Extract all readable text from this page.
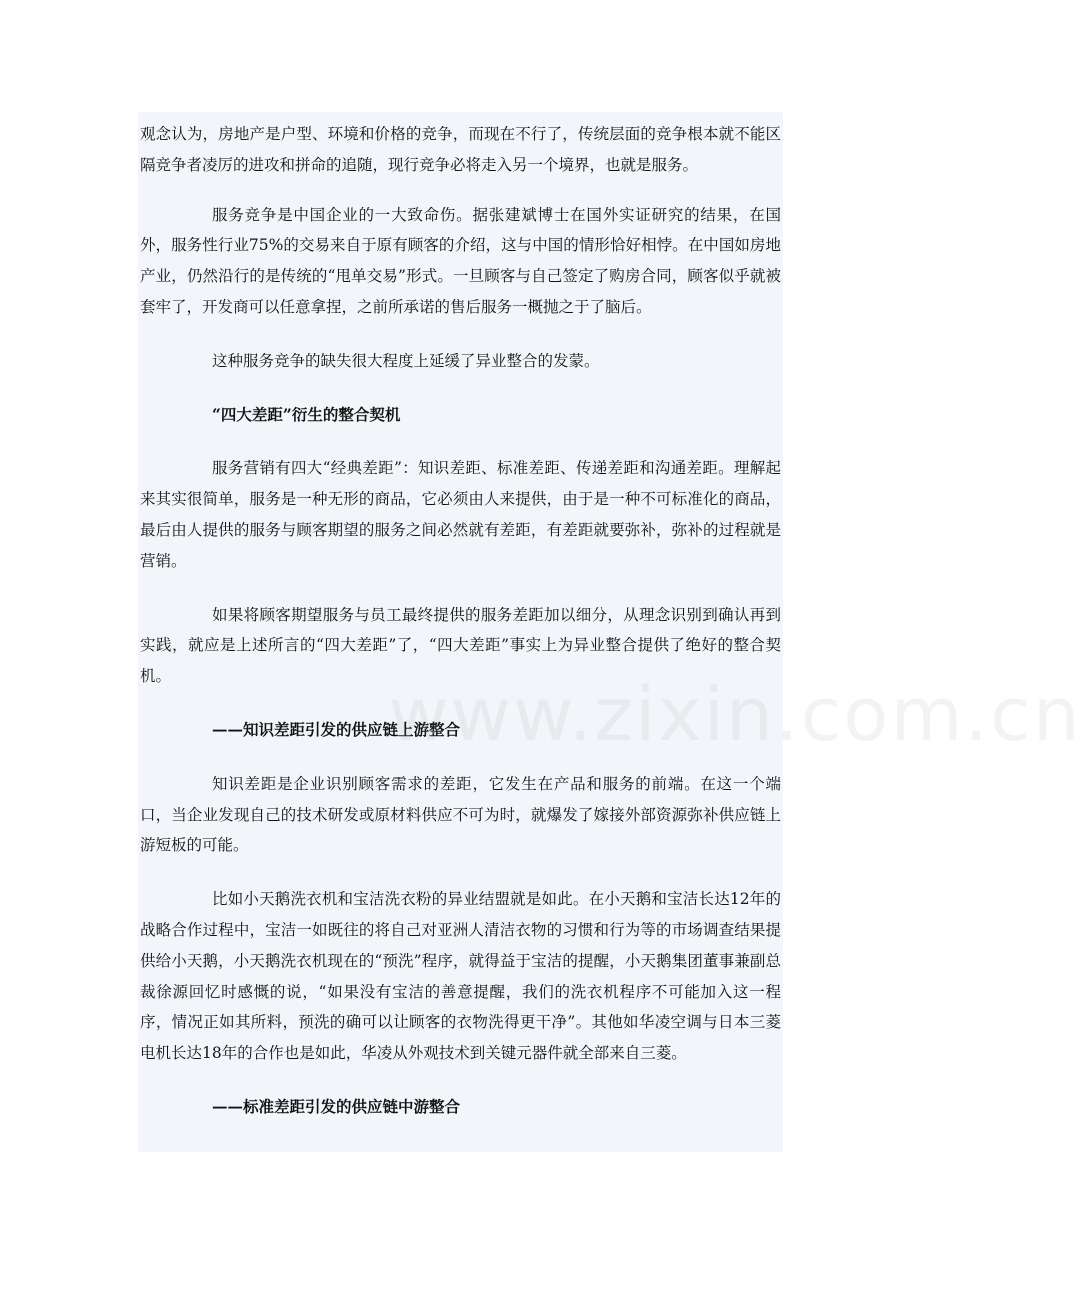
观念认为，房地产是户型、环境和价格的竞争，而现在不行了，传统层面的竞争根本就不能区隔竞争者凌厉的进攻和拼命的追随，现行竞争必将走入另一个境界，也就是服务。

服务竞争是中国企业的一大致命伤。据张建斌博士在国外实证研究的结果，在国外，服务性行业75%的交易来自于原有顾客的介绍，这与中国的情形恰好相悖。在中国如房地产业，仍然沿行的是传统的“甩单交易”形式。一旦顾客与自己签定了购房合同，顾客似乎就被套牢了，开发商可以任意拿捏，之前所承诺的售后服务一概抛之于了脑后。

这种服务竞争的缺失很大程度上延缓了异业整合的发蒙。

“四大差距”衍生的整合契机

服务营销有四大“经典差距”：知识差距、标准差距、传递差距和沟通差距。理解起来其实很简单，服务是一种无形的商品，它必须由人来提供，由于是一种不可标准化的商品，最后由人提供的服务与顾客期望的服务之间必然就有差距，有差距就要弥补，弥补的过程就是营销。

如果将顾客期望服务与员工最终提供的服务差距加以细分，从理念识别到确认再到实践，就应是上述所言的“四大差距”了，“四大差距”事实上为异业整合提供了绝好的整合契机。

——知识差距引发的供应链上游整合

知识差距是企业识别顾客需求的差距，它发生在产品和服务的前端。在这一个端口，当企业发现自己的技术研发或原材料供应不可为时，就爆发了嫁接外部资源弥补供应链上游短板的可能。

比如小天鹅洗衣机和宝洁洗衣粉的异业结盟就是如此。在小天鹅和宝洁长达12年的战略合作过程中，宝洁一如既往的将自己对亚洲人清洁衣物的习惯和行为等的市场调查结果提供给小天鹅，小天鹅洗衣机现在的“预洗”程序，就得益于宝洁的提醒，小天鹅集团董事兼副总裁徐源回忆时感慨的说，“如果没有宝洁的善意提醒，我们的洗衣机程序不可能加入这一程序，情况正如其所料，预洗的确可以让顾客的衣物洗得更干净”。其他如华凌空调与日本三菱电机长达18年的合作也是如此，华凌从外观技术到关键元器件就全部来自三菱。

——标准差距引发的供应链中游整合

www.zixin.com.cn
